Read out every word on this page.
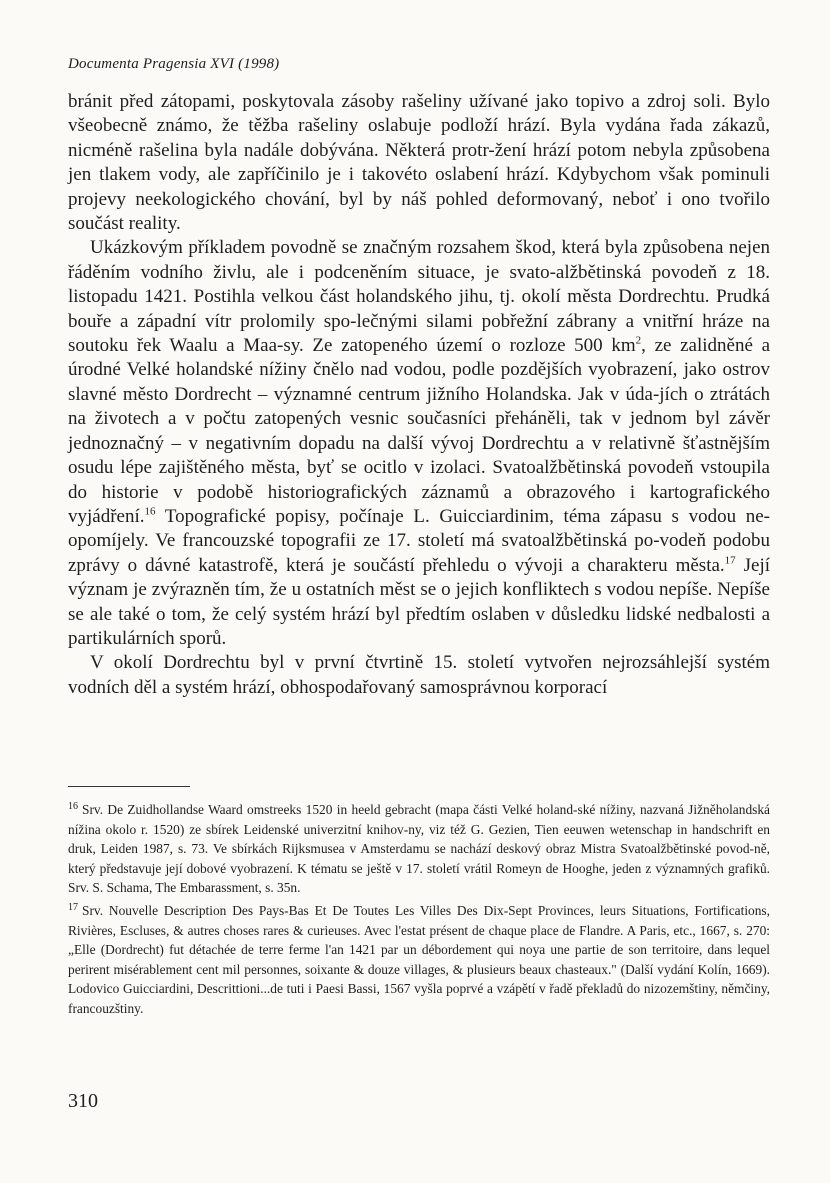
Documenta Pragensia XVI (1998)

bránit před zátopami, poskytovala zásoby rašeliny užívané jako topivo a zdroj soli. Bylo všeobecně známo, že těžba rašeliny oslabuje podloží hrází. Byla vydána řada zákazů, nicméně rašelina byla nadále dobývána. Některá protr-žení hrází potom nebyla způsobena jen tlakem vody, ale zapříčinilo je i takovéto oslabení hrází. Kdybychom však pominuli projevy neekologického chování, byl by náš pohled deformovaný, neboť i ono tvořilo součást reality.

Ukázkovým příkladem povodně se značným rozsahem škod, která byla způsobena nejen řáděním vodního živlu, ale i podceněním situace, je svato-alžbětinská povodeň z 18. listopadu 1421. Postihla velkou část holandského jihu, tj. okolí města Dordrechtu. Prudká bouře a západní vítr prolomily spo-lečnými silami pobřežní zábrany a vnitřní hráze na soutoku řek Waalu a Maa-sy. Ze zatopeného území o rozloze 500 $km^2$, ze zalidněné a úrodné Velké holandské nížiny čnělo nad vodou, podle pozdějších vyobrazení, jako ostrov slavné město Dordrecht – významné centrum jižního Holandska. Jak v úda-jích o ztrátách na životech a v počtu zatopených vesnic současníci přeháněli, tak v jednom byl závěr jednoznačný – v negativním dopadu na další vývoj Dordrechtu a v relativně šťastnějším osudu lépe zajištěného města, byť se ocitlo v izolaci. Svatoalžbětinská povodeň vstoupila do historie v podobě historiografických záznamů a obrazového i kartografického vyjádření.$^{16}$ Topografické popisy, počínaje L. Guicciardinim, téma zápasu s vodou ne-opomíjely. Ve francouzské topografii ze 17. století má svatoalžbětinská po-vodeň podobu zprávy o dávné katastrofě, která je součástí přehledu o vývoji a charakteru města.$^{17}$ Její význam je zvýrazněn tím, že u ostatních měst se o jejich konfliktech s vodou nepíše. Nepíše se ale také o tom, že celý systém hrází byl předtím oslaben v důsledku lidské nedbalosti a partikulárních sporů.

V okolí Dordrechtu byl v první čtvrtině 15. století vytvořen nejrozsáhlejší systém vodních děl a systém hrází, obhospodařovaný samosprávnou korporací

$^{16}$ Srv. De Zuidhollandse Waard omstreeks 1520 in heeld gebracht (mapa části Velké holand-ské nížiny, nazvaná Jižněholandská nížina okolo r. 1520) ze sbírek Leidenské univerzitní knihov-ny, viz též G. Gezien, Tien eeuwen wetenschap in handschrift en druk, Leiden 1987, s. 73. Ve sbírkách Rijksmusea v Amsterdamu se nachází deskový obraz Mistra Svatoalžbětinské povod-ně, který představuje její dobové vyobrazení. K tématu se ještě v 17. století vrátil Romeyn de Hooghe, jeden z významných grafiků. Srv. S. Schama, The Embarassment, s. 35n.

$^{17}$ Srv. Nouvelle Description Des Pays-Bas Et De Toutes Les Villes Des Dix-Sept Provinces, leurs Situations, Fortifications, Rivières, Escluses, & autres choses rares & curieuses. Avec l'estat présent de chaque place de Flandre. A Paris, etc., 1667, s. 270: „Elle (Dordrecht) fut détachée de terre ferme l'an 1421 par un débordement qui noya une partie de son territoire, dans lequel perirent misérablement cent mil personnes, soixante & douze villages, & plusieurs beaux chasteaux." (Další vydání Kolín, 1669). Lodovico Guicciardini, Descrittioni...de tuti i Paesi Bassi, 1567 vyšla poprvé a vzápětí v řadě překladů do nizozemštiny, němčiny, francouzštiny.

310
